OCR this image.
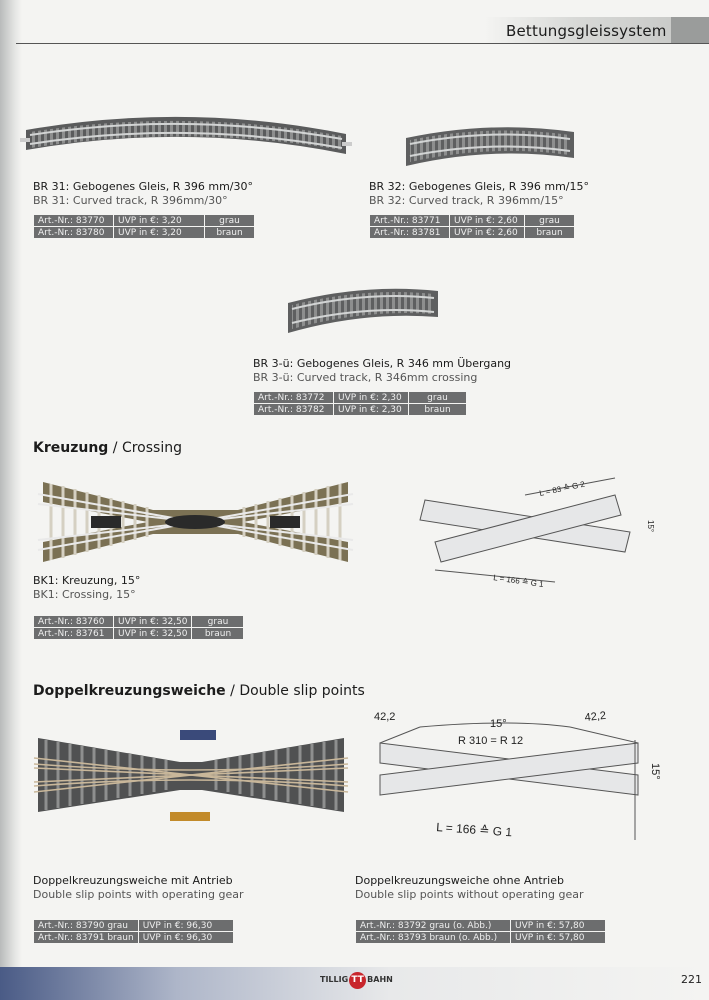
Bettungsgleissystem
BR 31: Gebogenes Gleis, R 396 mm/30°
BR 31: Curved track, R 396mm/30°
Art.-Nr.: 83770	UVP in €: 3,20	grau
Art.-Nr.: 83780	UVP in €: 3,20	braun
BR 32: Gebogenes Gleis, R 396 mm/15°
BR 32: Curved track, R 396mm/15°
Art.-Nr.: 83771	UVP in €: 2,60	grau
Art.-Nr.: 83781	UVP in €: 2,60	braun
BR 3-ü: Gebogenes Gleis, R 346 mm Übergang
BR 3-ü: Curved track, R 346mm crossing
Art.-Nr.: 83772	UVP in €: 2,30	grau
Art.-Nr.: 83782	UVP in €: 2,30	braun
Kreuzung / Crossing
L = 83 ≙ G 2
L = 166 ≙ G 1
15°
BK1: Kreuzung, 15°
BK1: Crossing, 15°
Art.-Nr.: 83760	UVP in €: 32,50	grau
Art.-Nr.: 83761	UVP in €: 32,50	braun
Doppelkreuzungsweiche / Double slip points
42,2
15°
42,2
R 310 = R 12
15°
L = 166 ≙ G 1
Doppelkreuzungsweiche mit Antrieb
Double slip points with operating gear
Art.-Nr.: 83790 grau	UVP in €: 96,30
Art.-Nr.: 83791 braun	UVP in €: 96,30
Doppelkreuzungsweiche ohne Antrieb
Double slip points without operating gear
Art.-Nr.: 83792 grau (o. Abb.)	UVP in €: 57,80
Art.-Nr.: 83793 braun (o. Abb.)	UVP in €: 57,80
TILLIG TT BAHN	221
